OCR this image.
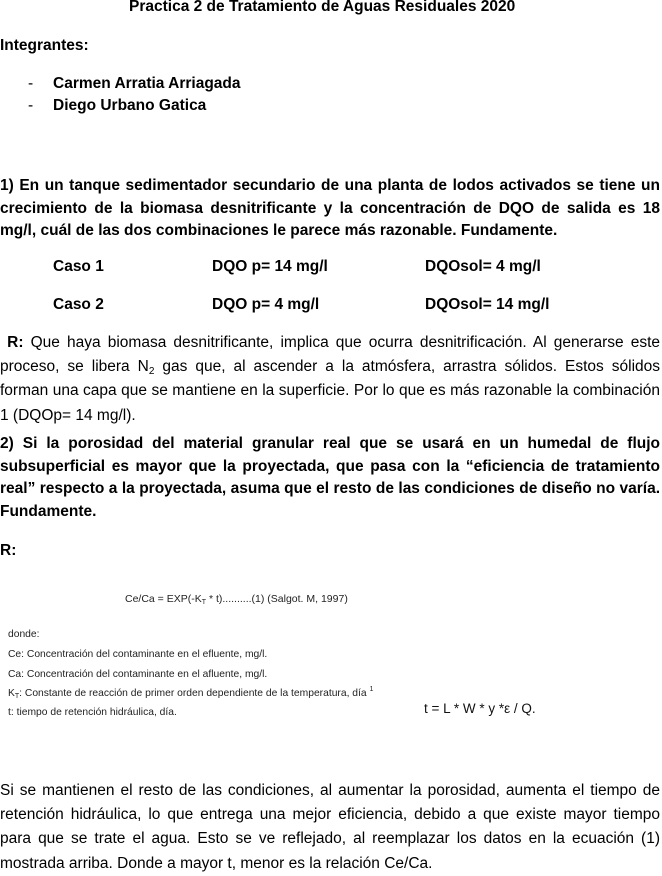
Practica 2 de Tratamiento de Aguas Residuales 2020
Integrantes:
- Carmen Arratia Arriagada
- Diego Urbano Gatica
1) En un tanque sedimentador secundario de una planta de lodos activados se tiene un crecimiento de la biomasa desnitrificante y la concentración de DQO de salida es 18 mg/l, cuál de las dos combinaciones le parece más razonable. Fundamente.
Caso 1	DQO p= 14 mg/l	DQOsol= 4 mg/l
Caso 2	DQO p= 4 mg/l	DQOsol= 14 mg/l
R: Que haya biomasa desnitrificante, implica que ocurra desnitrificación. Al generarse este proceso, se libera $N_2$ gas que, al ascender a la atmósfera, arrastra sólidos. Estos sólidos forman una capa que se mantiene en la superficie. Por lo que es más razonable la combinación 1 (DQOp= 14 mg/l).
2) Si la porosidad del material granular real que se usará en un humedal de flujo subsuperficial es mayor que la proyectada, que pasa con la “eficiencia de tratamiento real” respecto a la proyectada, asuma que el resto de las condiciones de diseño no varía. Fundamente.
R:
$Ce/Ca = EXP(-K_T * t)..........(1)$ (Salgot. M, 1997)
donde:
Ce: Concentración del contaminante en el efluente, mg/l.
Ca: Concentración del contaminante en el afluente, mg/l.
$K_T$: Constante de reacción de primer orden dependiente de la temperatura, día $^1$
t: tiempo de retención hidráulica, día.	t = L * W * y *ε / Q.
Si se mantienen el resto de las condiciones, al aumentar la porosidad, aumenta el tiempo de retención hidráulica, lo que entrega una mejor eficiencia, debido a que existe mayor tiempo para que se trate el agua. Esto se ve reflejado, al reemplazar los datos en la ecuación (1) mostrada arriba. Donde a mayor t, menor es la relación Ce/Ca.
